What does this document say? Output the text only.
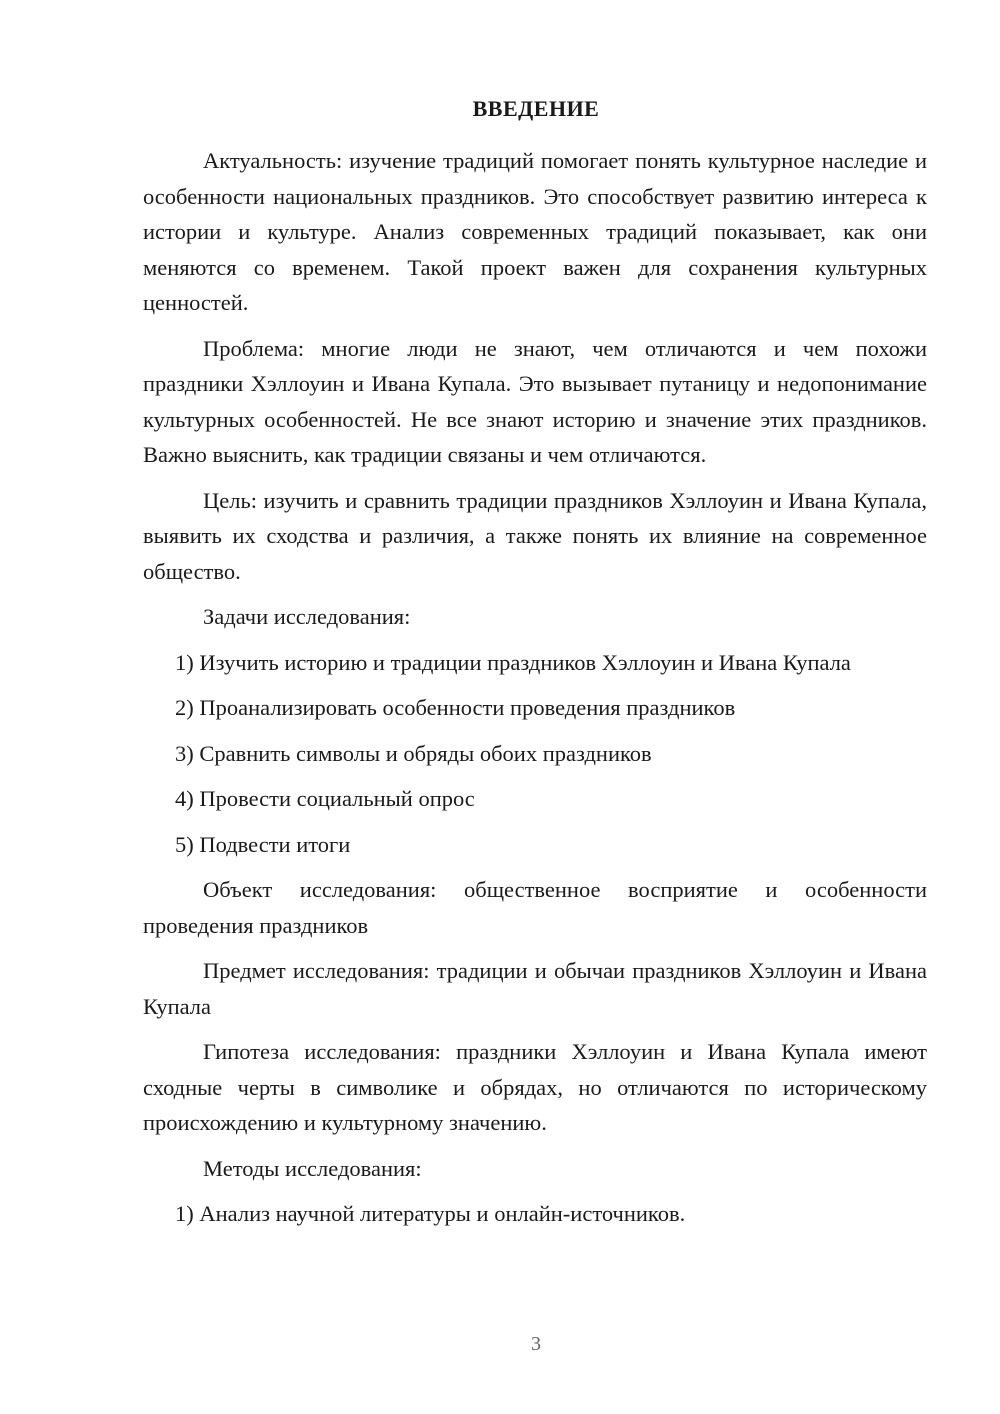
ВВЕДЕНИЕ

Актуальность: изучение традиций помогает понять культурное наследие и особенности национальных праздников. Это способствует развитию интереса к истории и культуре. Анализ современных традиций показывает, как они меняются со временем. Такой проект важен для сохранения культурных ценностей.

Проблема: многие люди не знают, чем отличаются и чем похожи праздники Хэллоуин и Ивана Купала. Это вызывает путаницу и недопонимание культурных особенностей. Не все знают историю и значение этих праздников. Важно выяснить, как традиции связаны и чем отличаются.

Цель: изучить и сравнить традиции праздников Хэллоуин и Ивана Купала, выявить их сходства и различия, а также понять их влияние на современное общество.

Задачи исследования:

1) Изучить историю и традиции праздников Хэллоуин и Ивана Купала

2) Проанализировать особенности проведения праздников

3) Сравнить символы и обряды обоих праздников

4) Провести социальный опрос

5) Подвести итоги

Объект исследования: общественное восприятие и особенности проведения праздников

Предмет исследования: традиции и обычаи праздников Хэллоуин и Ивана Купала

Гипотеза исследования: праздники Хэллоуин и Ивана Купала имеют сходные черты в символике и обрядах, но отличаются по историческому происхождению и культурному значению.

Методы исследования:

1) Анализ научной литературы и онлайн-источников.

3
